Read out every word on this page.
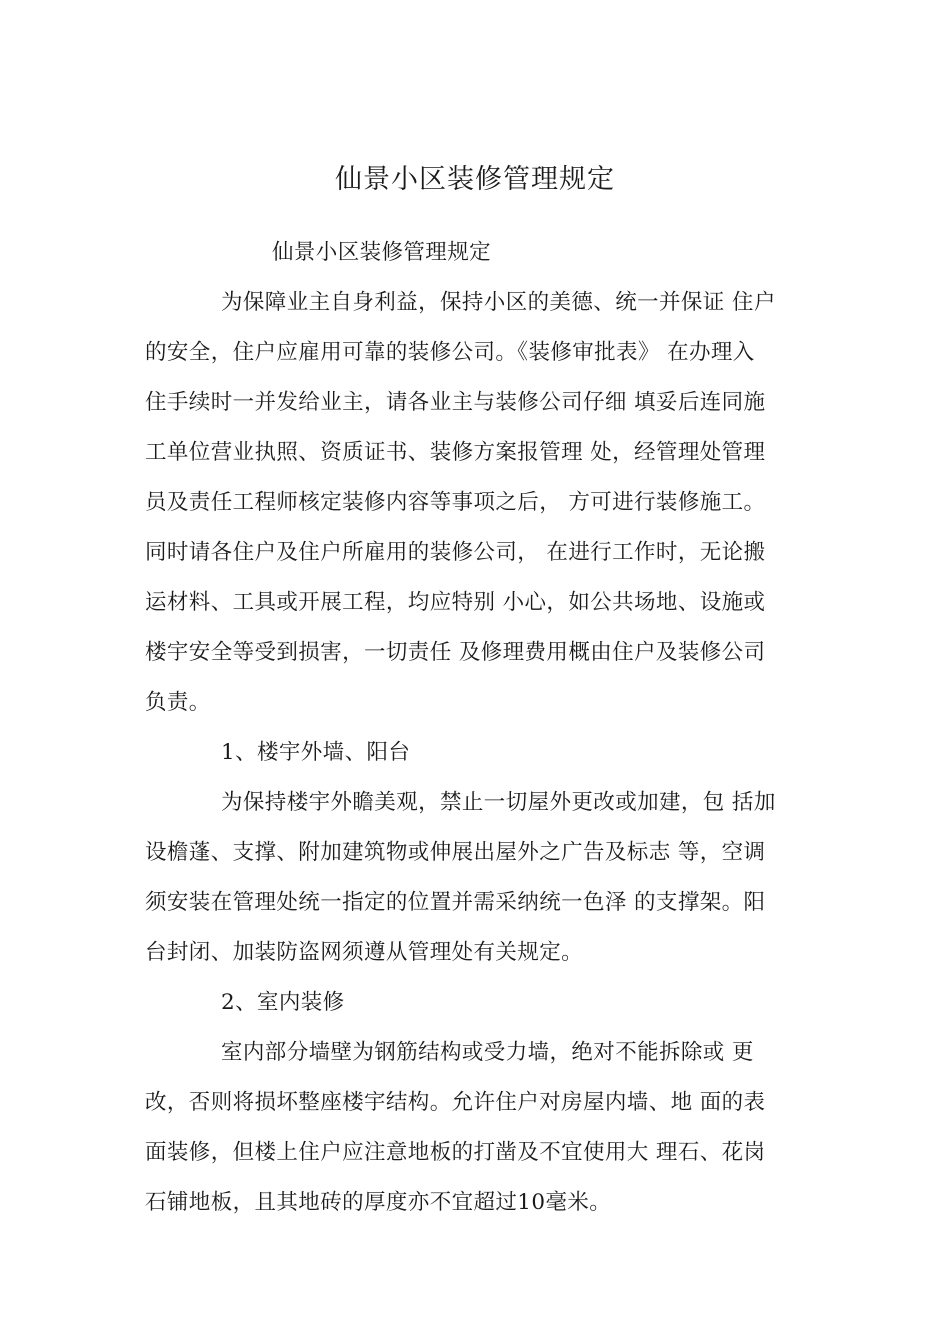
仙景小区装修管理规定
仙景小区装修管理规定
为保障业主自身利益，保持小区的美德、统一并保证 住户
的安全，住户应雇用可靠的装修公司。《装修审批表》 在办理入
住手续时一并发给业主，请各业主与装修公司仔细 填妥后连同施
工单位营业执照、资质证书、装修方案报管理 处，经管理处管理
员及责任工程师核定装修内容等事项之后， 方可进行装修施工。
同时请各住户及住户所雇用的装修公司， 在进行工作时，无论搬
运材料、工具或开展工程，均应特别 小心，如公共场地、设施或
楼宇安全等受到损害，一切责任 及修理费用概由住户及装修公司
负责。
1、楼宇外墙、阳台
为保持楼宇外瞻美观，禁止一切屋外更改或加建，包 括加
设檐蓬、支撑、附加建筑物或伸展出屋外之广告及标志 等，空调
须安装在管理处统一指定的位置并需采纳统一色泽 的支撑架。阳
台封闭、加装防盗网须遵从管理处有关规定。
2、室内装修
室内部分墙壁为钢筋结构或受力墙，绝对不能拆除或 更
改，否则将损坏整座楼宇结构。允许住户对房屋内墙、地 面的表
面装修，但楼上住户应注意地板的打凿及不宜使用大 理石、花岗
石铺地板，且其地砖的厚度亦不宜超过10毫米。
